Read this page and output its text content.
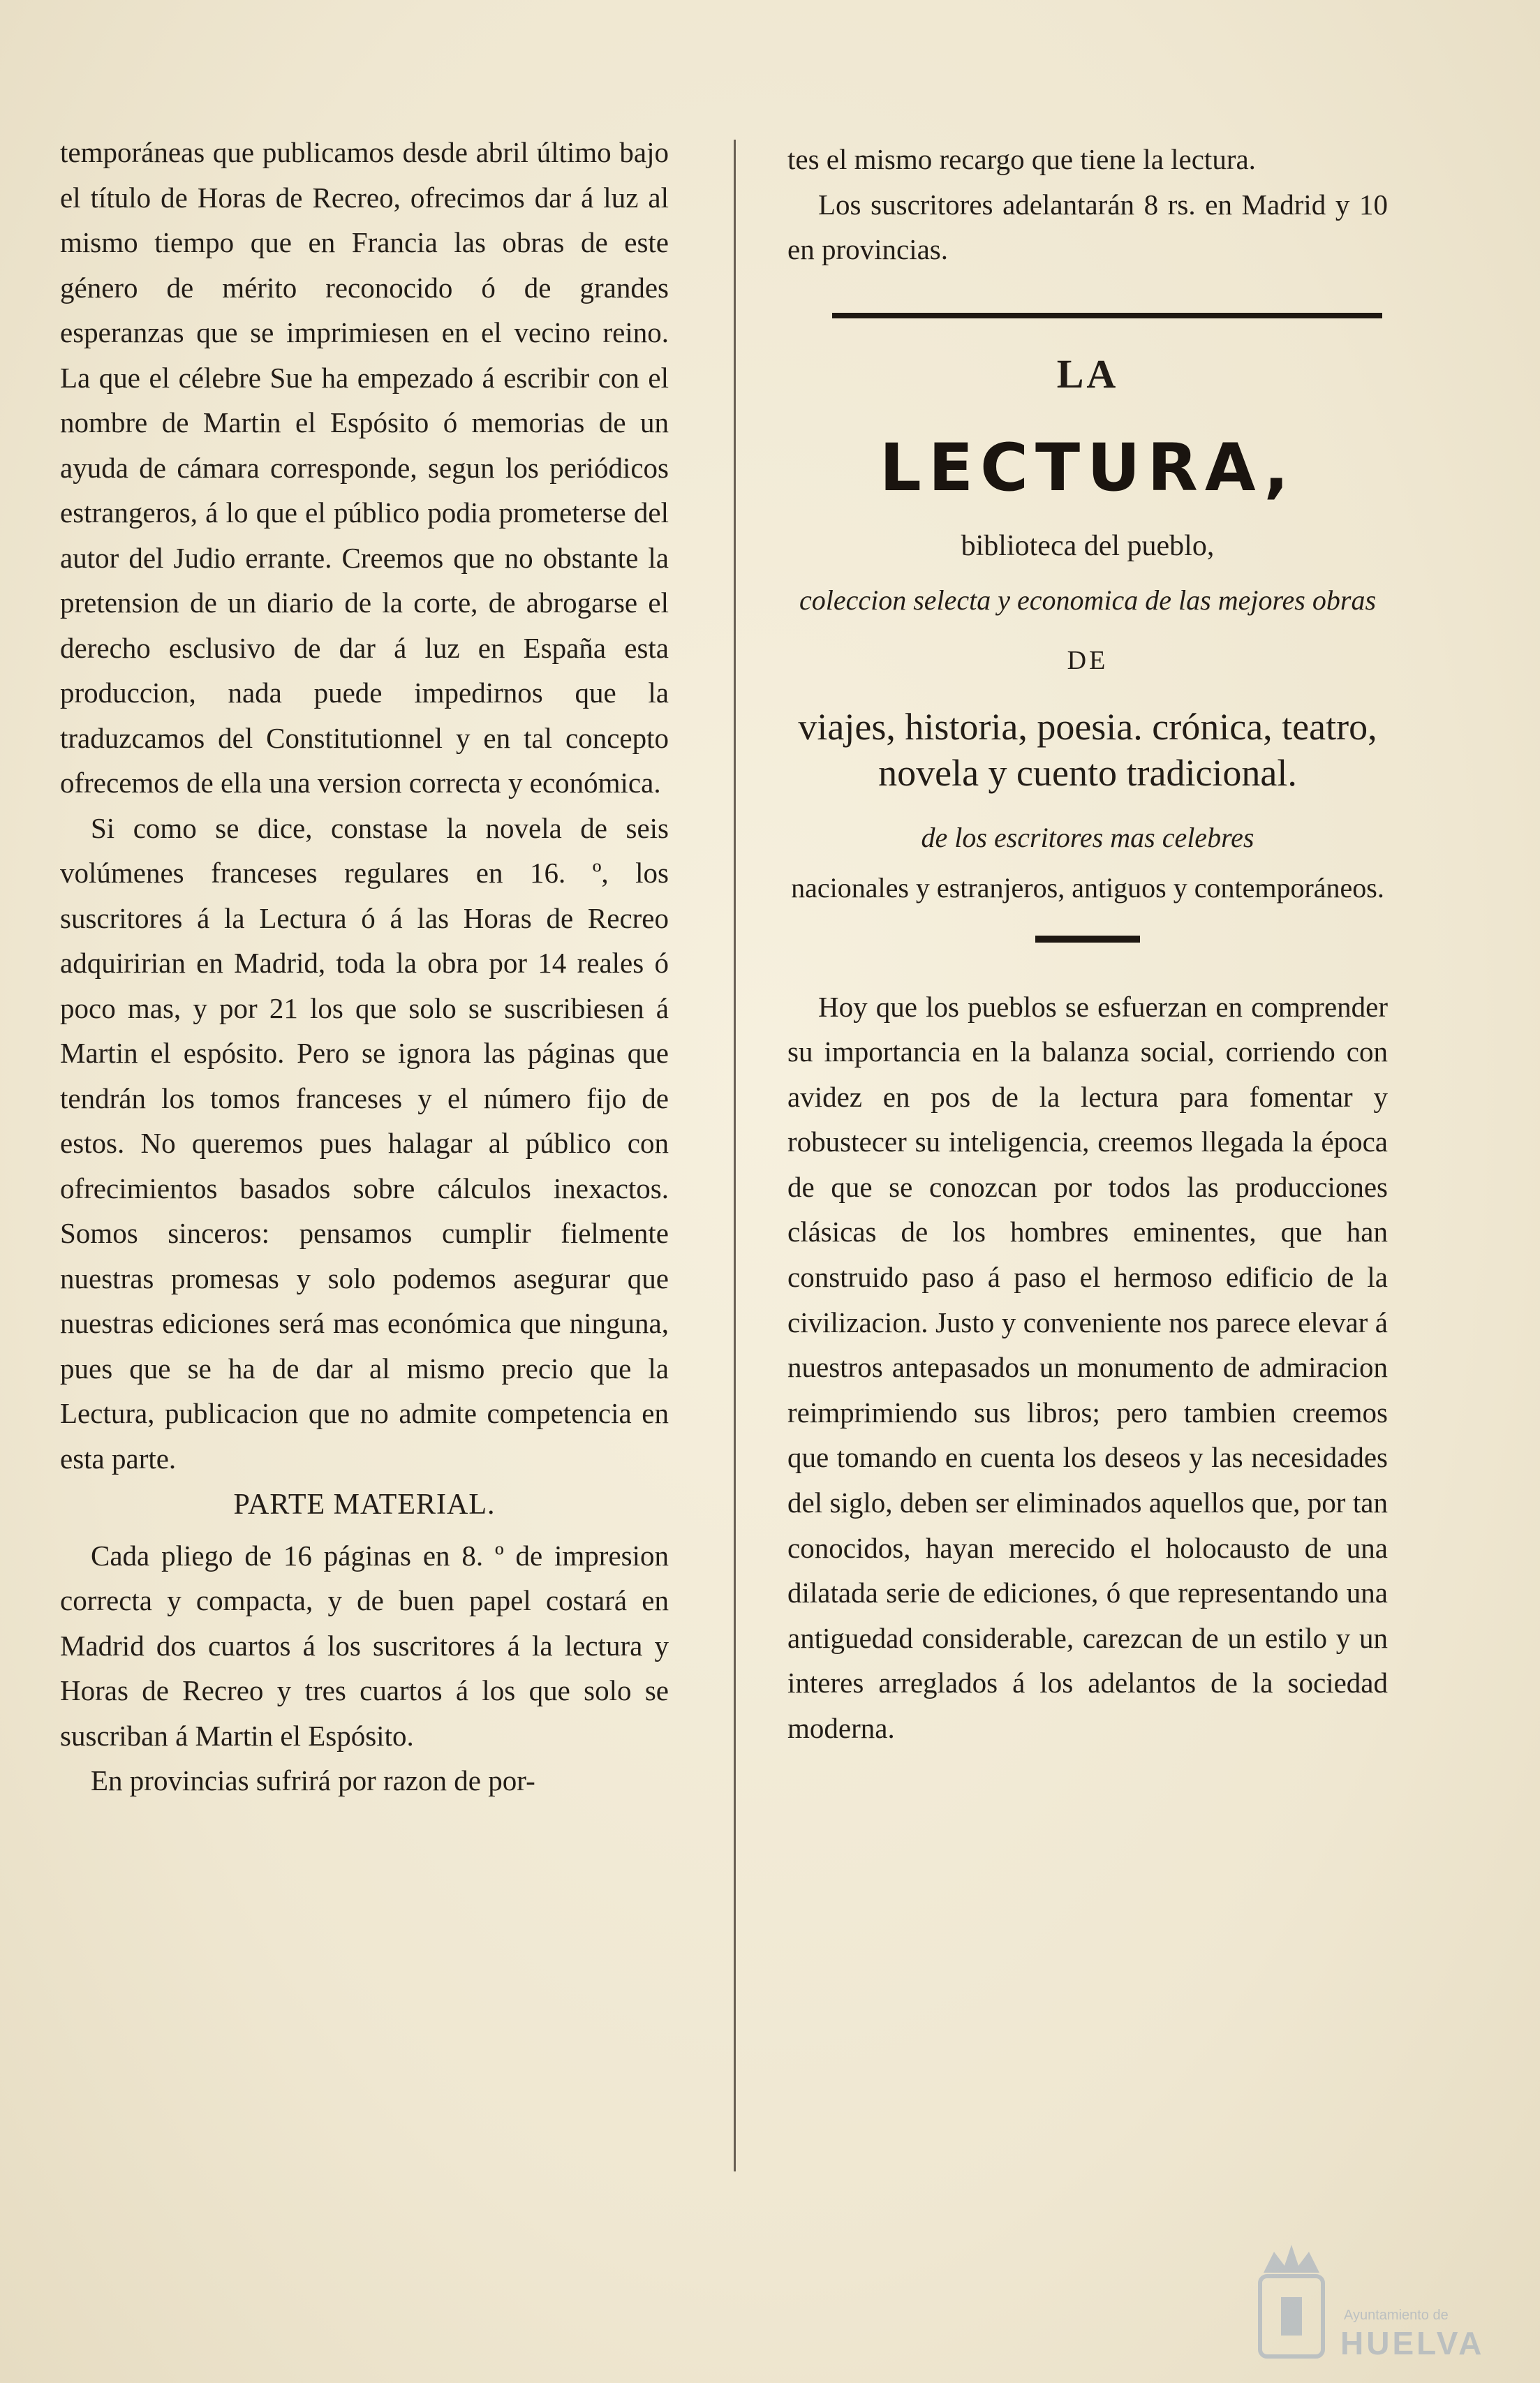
temporáneas que publicamos desde abril último bajo el título de Horas de Recreo, ofrecimos dar á luz al mismo tiempo que en Francia las obras de este género de mérito reconocido ó de grandes esperanzas que se imprimiesen en el vecino reino. La que el célebre Sue ha empezado á escribir con el nombre de Martin el Espósito ó memorias de un ayuda de cámara corresponde, segun los periódicos estrangeros, á lo que el público podia prometerse del autor del Judio errante. Creemos que no obstante la pretension de un diario de la corte, de abrogarse el derecho esclusivo de dar á luz en España esta produccion, nada puede impedirnos que la traduzcamos del Constitutionnel y en tal concepto ofrecemos de ella una version correcta y económica.

Si como se dice, constase la novela de seis volúmenes franceses regulares en 16. º, los suscritores á la Lectura ó á las Horas de Recreo adquiririan en Madrid, toda la obra por 14 reales ó poco mas, y por 21 los que solo se suscribiesen á Martin el espósito. Pero se ignora las páginas que tendrán los tomos franceses y el número fijo de estos. No queremos pues halagar al público con ofrecimientos basados sobre cálculos inexactos. Somos sinceros: pensamos cumplir fielmente nuestras promesas y solo podemos asegurar que nuestras ediciones será mas económica que ninguna, pues que se ha de dar al mismo precio que la Lectura, publicacion que no admite competencia en esta parte.

PARTE MATERIAL.

Cada pliego de 16 páginas en 8. º de impresion correcta y compacta, y de buen papel costará en Madrid dos cuartos á los suscritores á la lectura y Horas de Recreo y tres cuartos á los que solo se suscriban á Martin el Espósito.

En provincias sufrirá por razon de por-

tes el mismo recargo que tiene la lectura.

Los suscritores adelantarán 8 rs. en Madrid y 10 en provincias.

LA
LECTURA,
biblioteca del pueblo,
coleccion selecta y economica de las mejores obras
DE
viajes, historia, poesia. crónica, teatro, novela y cuento tradicional.
de los escritores mas celebres
nacionales y estranjeros, antiguos y contemporáneos.

Hoy que los pueblos se esfuerzan en comprender su importancia en la balanza social, corriendo con avidez en pos de la lectura para fomentar y robustecer su inteligencia, creemos llegada la época de que se conozcan por todos las producciones clásicas de los hombres eminentes, que han construido paso á paso el hermoso edificio de la civilizacion. Justo y conveniente nos parece elevar á nuestros antepasados un monumento de admiracion reimprimiendo sus libros; pero tambien creemos que tomando en cuenta los deseos y las necesidades del siglo, deben ser eliminados aquellos que, por tan conocidos, hayan merecido el holocausto de una dilatada serie de ediciones, ó que representando una antiguedad considerable, carezcan de un estilo y un interes arreglados á los adelantos de la sociedad moderna.

Ayuntamiento de
HUELVA
